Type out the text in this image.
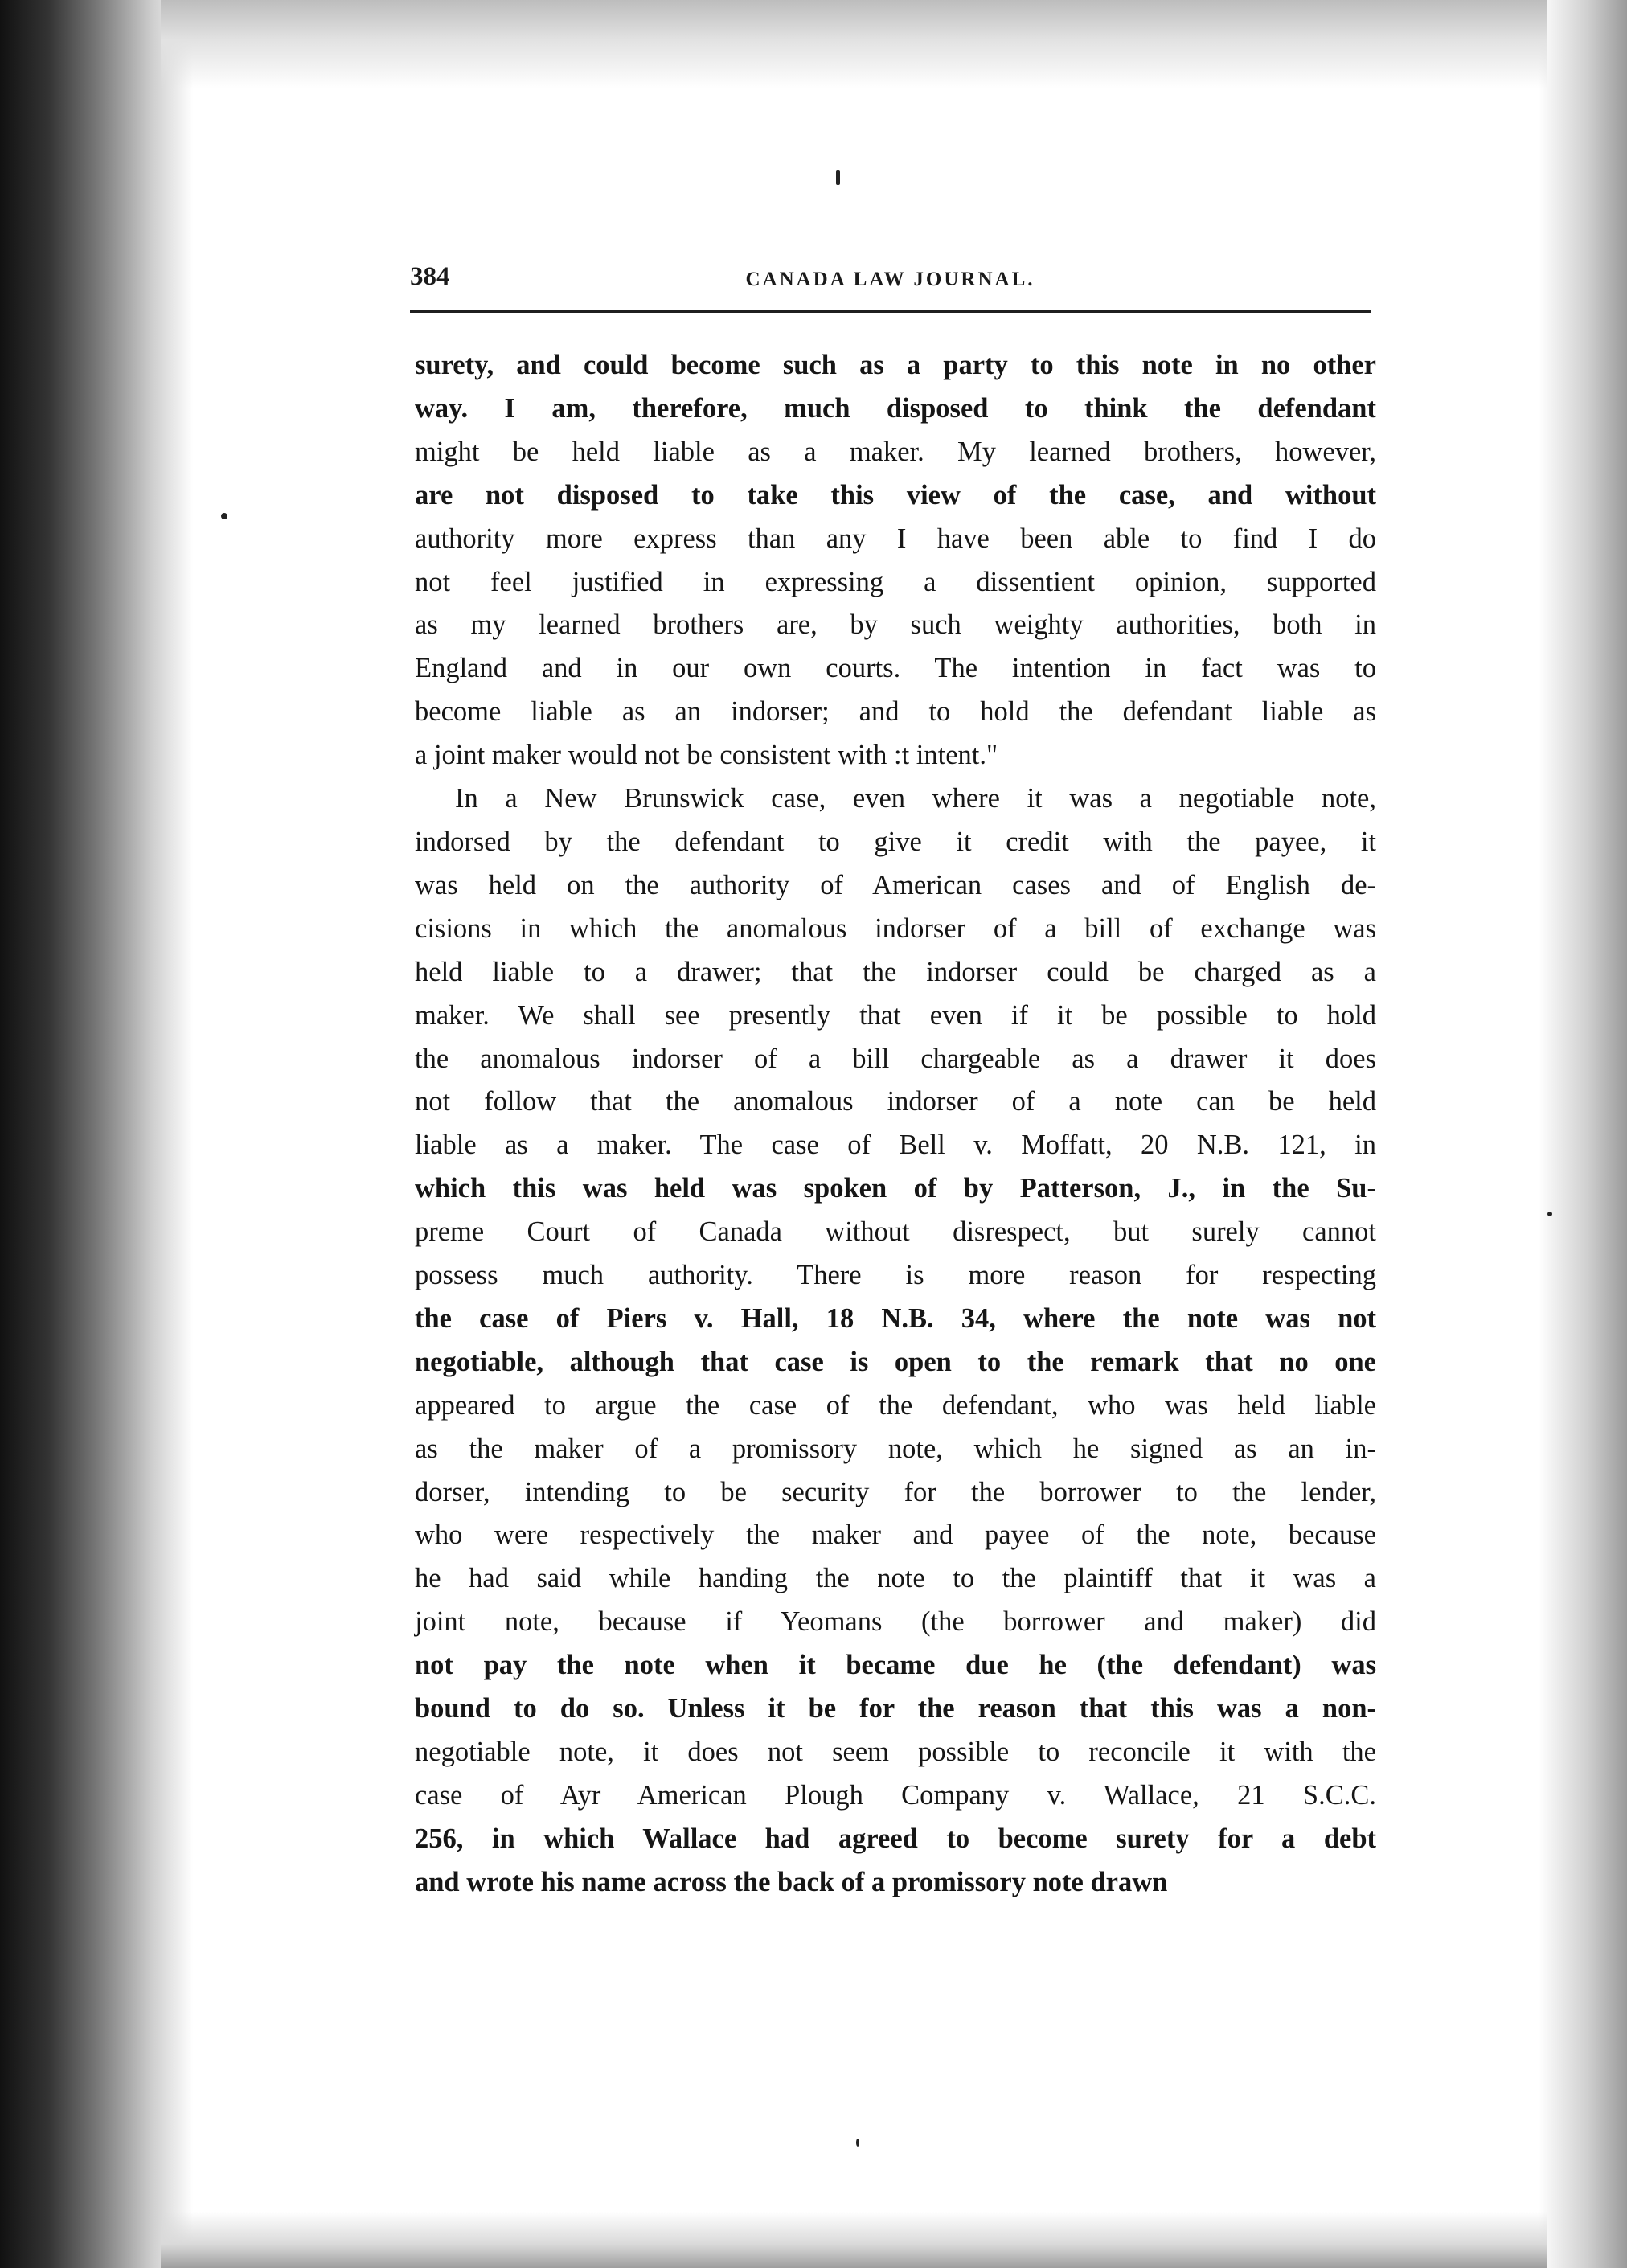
384	CANADA LAW JOURNAL.
surety, and could become such as a party to this note in no other
way. I am, therefore, much disposed to think the defendant
might be held liable as a maker. My learned brothers, however,
are not disposed to take this view of the case, and without
authority more express than any I have been able to find I do
not feel justified in expressing a dissentient opinion, supported
as my learned brothers are, by such weighty authorities, both in
England and in our own courts. The intention in fact was to
become liable as an indorser; and to hold the defendant liable as
a joint maker would not be consistent with :t intent."
In a New Brunswick case, even where it was a negotiable note,
indorsed by the defendant to give it credit with the payee, it
was held on the authority of American cases and of English de-
cisions in which the anomalous indorser of a bill of exchange was
held liable to a drawer; that the indorser could be charged as a
maker. We shall see presently that even if it be possible to hold
the anomalous indorser of a bill chargeable as a drawer it does
not follow that the anomalous indorser of a note can be held
liable as a maker. The case of Bell v. Moffatt, 20 N.B. 121, in
which this was held was spoken of by Patterson, J., in the Su-
preme Court of Canada without disrespect, but surely cannot
possess much authority. There is more reason for respecting
the case of Piers v. Hall, 18 N.B. 34, where the note was not
negotiable, although that case is open to the remark that no one
appeared to argue the case of the defendant, who was held liable
as the maker of a promissory note, which he signed as an in-
dorser, intending to be security for the borrower to the lender,
who were respectively the maker and payee of the note, because
he had said while handing the note to the plaintiff that it was a
joint note, because if Yeomans (the borrower and maker) did
not pay the note when it became due he (the defendant) was
bound to do so. Unless it be for the reason that this was a non-
negotiable note, it does not seem possible to reconcile it with the
case of Ayr American Plough Company v. Wallace, 21 S.C.C.
256, in which Wallace had agreed to become surety for a debt
and wrote his name across the back of a promissory note drawn
